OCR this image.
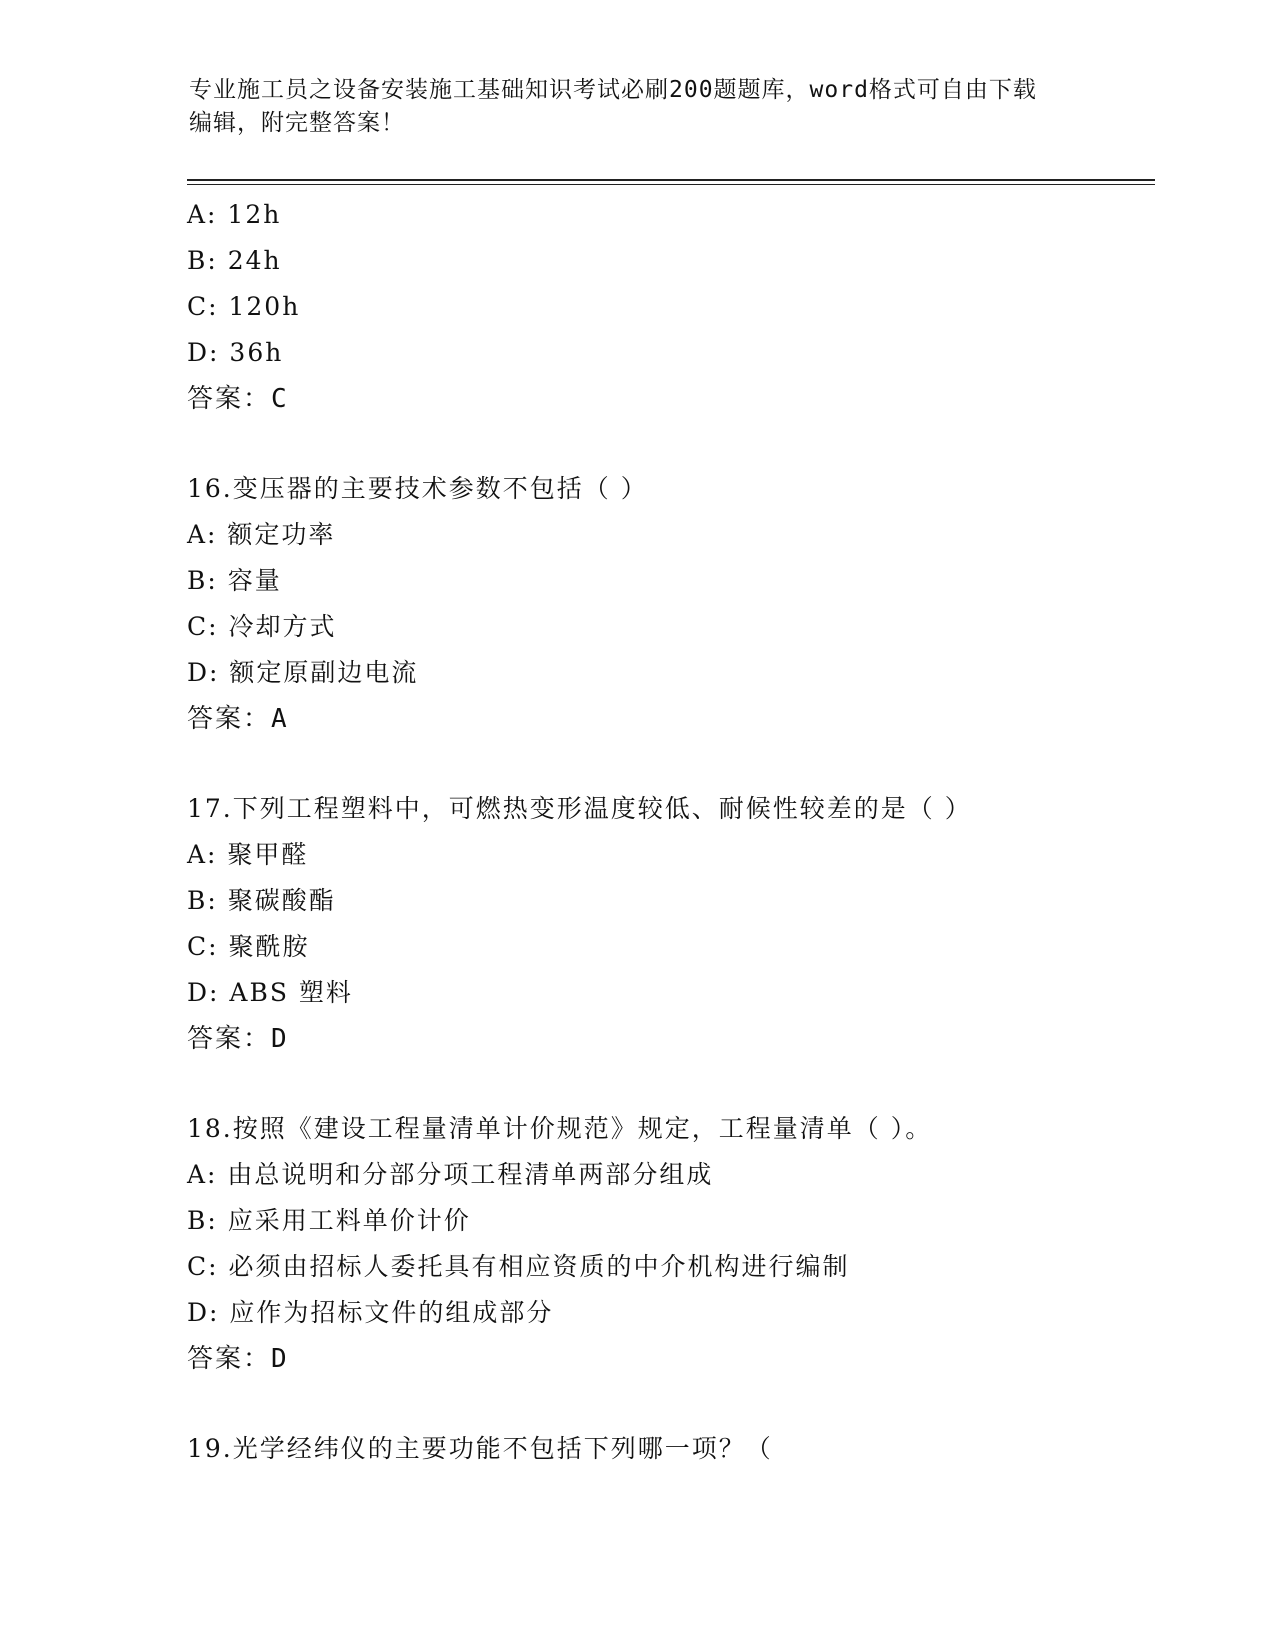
专业施工员之设备安装施工基础知识考试必刷200题题库，word格式可自由下载
编辑，附完整答案！
A: 12h
B: 24h
C: 120h
D: 36h
答案：C
16.变压器的主要技术参数不包括（ ）
A: 额定功率
B: 容量
C: 冷却方式
D: 额定原副边电流
答案：A
17.下列工程塑料中，可燃热变形温度较低、耐候性较差的是（ ）
A: 聚甲醛
B: 聚碳酸酯
C: 聚酰胺
D: ABS 塑料
答案：D
18.按照《建设工程量清单计价规范》规定，工程量清单（ ）。
A: 由总说明和分部分项工程清单两部分组成
B: 应采用工料单价计价
C: 必须由招标人委托具有相应资质的中介机构进行编制
D: 应作为招标文件的组成部分
答案：D
19.光学经纬仪的主要功能不包括下列哪一项？（
